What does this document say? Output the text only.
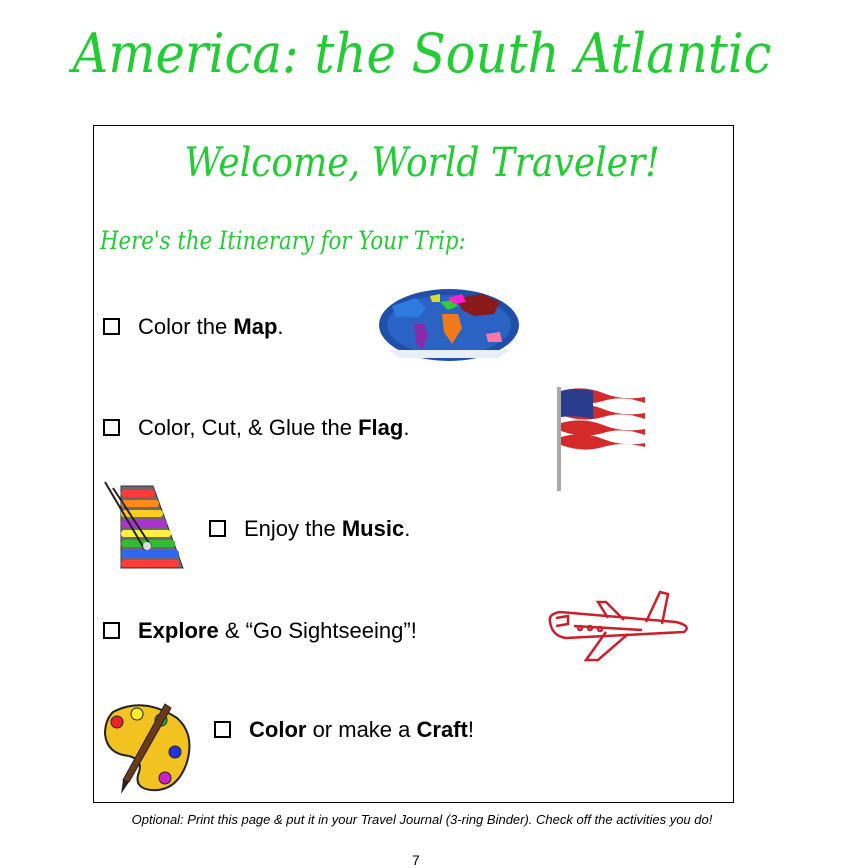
America: the South Atlantic
Welcome, World Traveler!
Here's the Itinerary for Your Trip:
Color the Map.
Color, Cut, & Glue the Flag.
Enjoy the Music.
Explore & “Go Sightseeing”!
Color or make a Craft!
Optional: Print this page & put it in your Travel Journal (3-ring Binder). Check off the activities you do!
7
